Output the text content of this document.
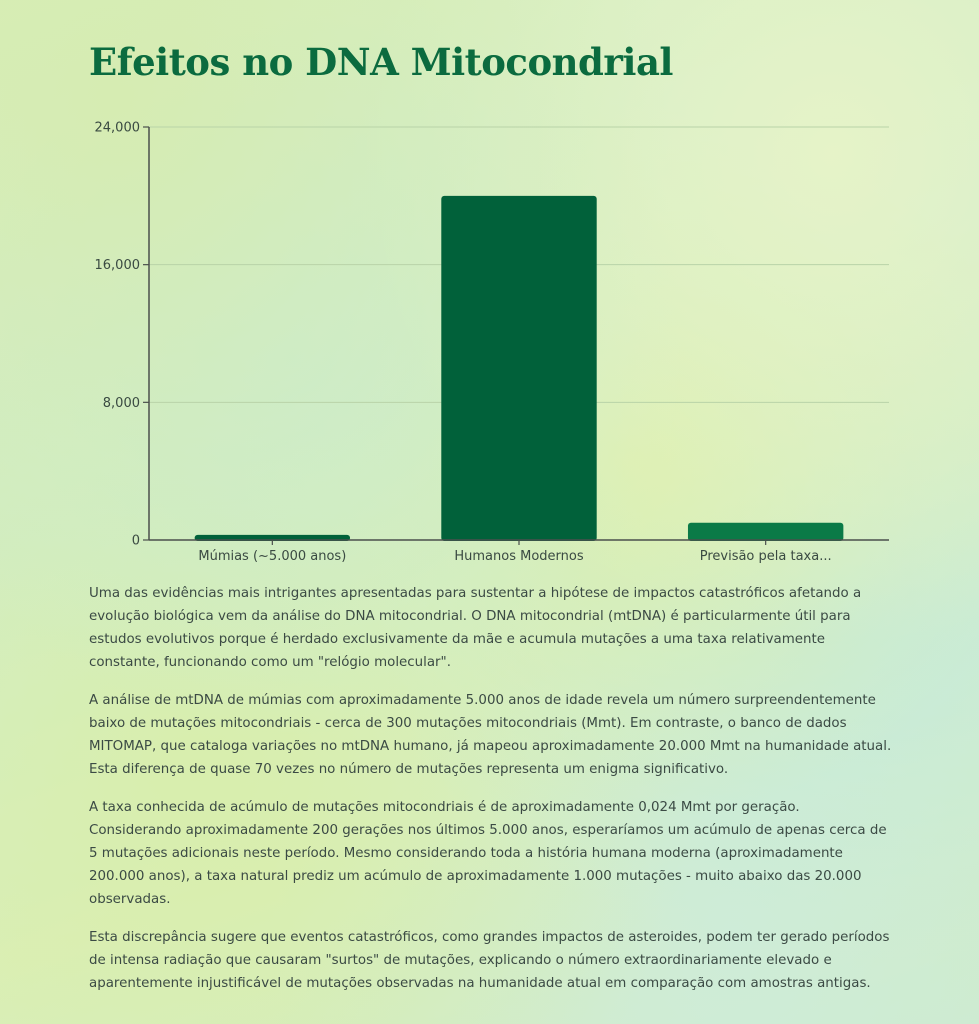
Efeitos no DNA Mitocondrial
0
8,000
16,000
24,000
Múmias (~5.000 anos)	Humanos Modernos	Previsão pela taxa...

Uma das evidências mais intrigantes apresentadas para sustentar a hipótese de impactos catastróficos afetando a evolução biológica vem da análise do DNA mitocondrial. O DNA mitocondrial (mtDNA) é particularmente útil para estudos evolutivos porque é herdado exclusivamente da mãe e acumula mutações a uma taxa relativamente constante, funcionando como um "relógio molecular".

A análise de mtDNA de múmias com aproximadamente 5.000 anos de idade revela um número surpreendentemente baixo de mutações mitocondriais - cerca de 300 mutações mitocondriais (Mmt). Em contraste, o banco de dados MITOMAP, que cataloga variações no mtDNA humano, já mapeou aproximadamente 20.000 Mmt na humanidade atual. Esta diferença de quase 70 vezes no número de mutações representa um enigma significativo.

A taxa conhecida de acúmulo de mutações mitocondriais é de aproximadamente 0,024 Mmt por geração. Considerando aproximadamente 200 gerações nos últimos 5.000 anos, esperaríamos um acúmulo de apenas cerca de 5 mutações adicionais neste período. Mesmo considerando toda a história humana moderna (aproximadamente 200.000 anos), a taxa natural prediz um acúmulo de aproximadamente 1.000 mutações - muito abaixo das 20.000 observadas.

Esta discrepância sugere que eventos catastróficos, como grandes impactos de asteroides, podem ter gerado períodos de intensa radiação que causaram "surtos" de mutações, explicando o número extraordinariamente elevado e aparentemente injustificável de mutações observadas na humanidade atual em comparação com amostras antigas.
